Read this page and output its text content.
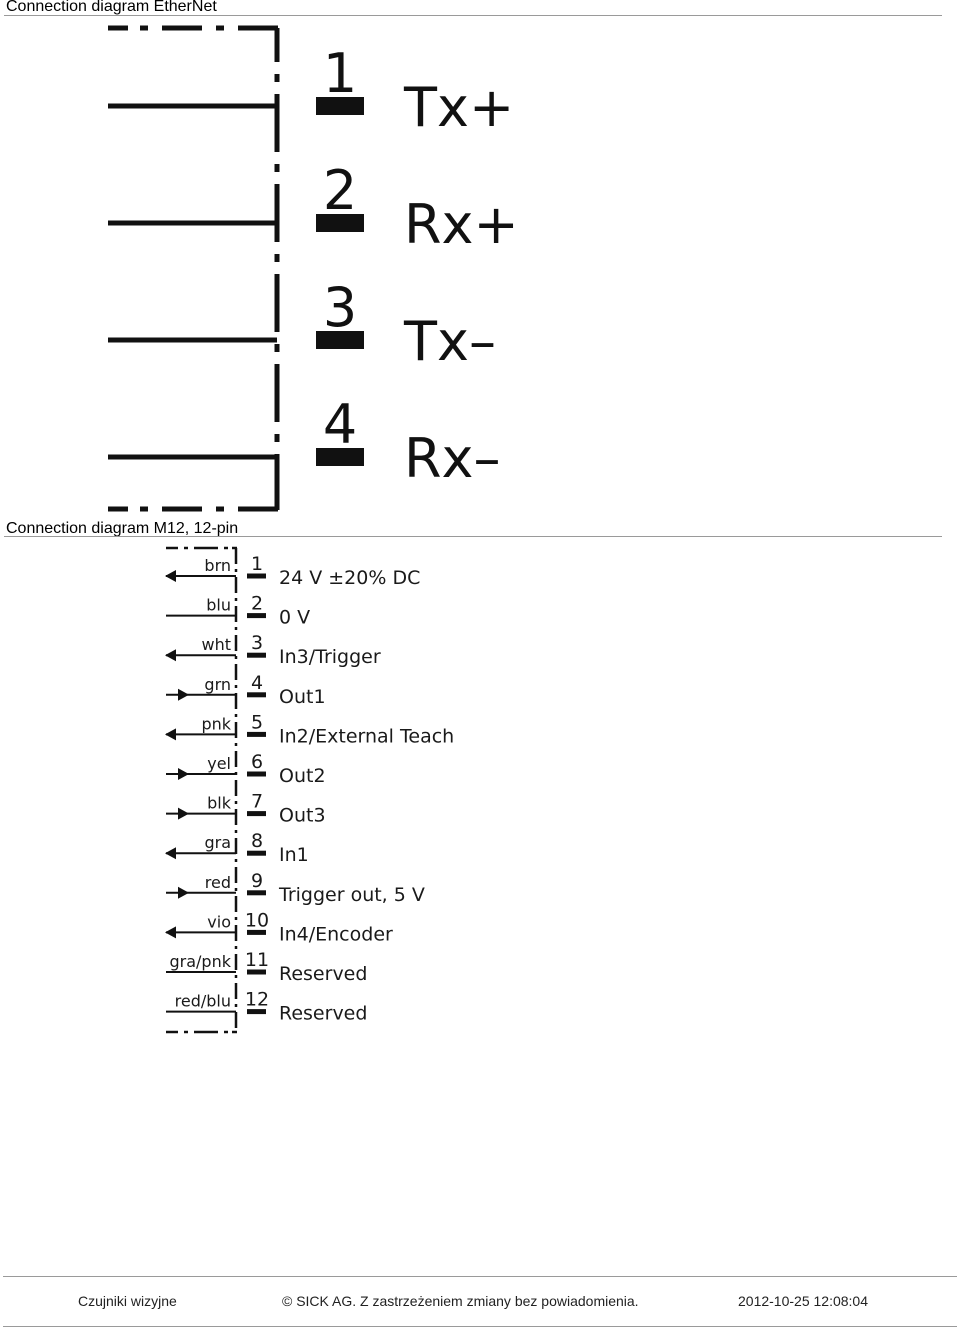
Connection diagram EtherNet
1
Tx+
2
Rx+
3
Tx–
4
Rx–
Connection diagram M12, 12-pin
brn 1
24 V ±20% DC
blu 2
0 V
wht 3
In3/Trigger
grn 4
Out1
pnk 5
In2/External Teach
yel 6
Out2
blk 7
Out3
gra 8
In1
red 9
Trigger out, 5 V
vio 10
In4/Encoder
gra/pnk 11
Reserved
red/blu 12
Reserved

Czujniki wizyjne	© SICK AG. Z zastrzeżeniem zmiany bez powiadomienia.	2012-10-25 12:08:04
